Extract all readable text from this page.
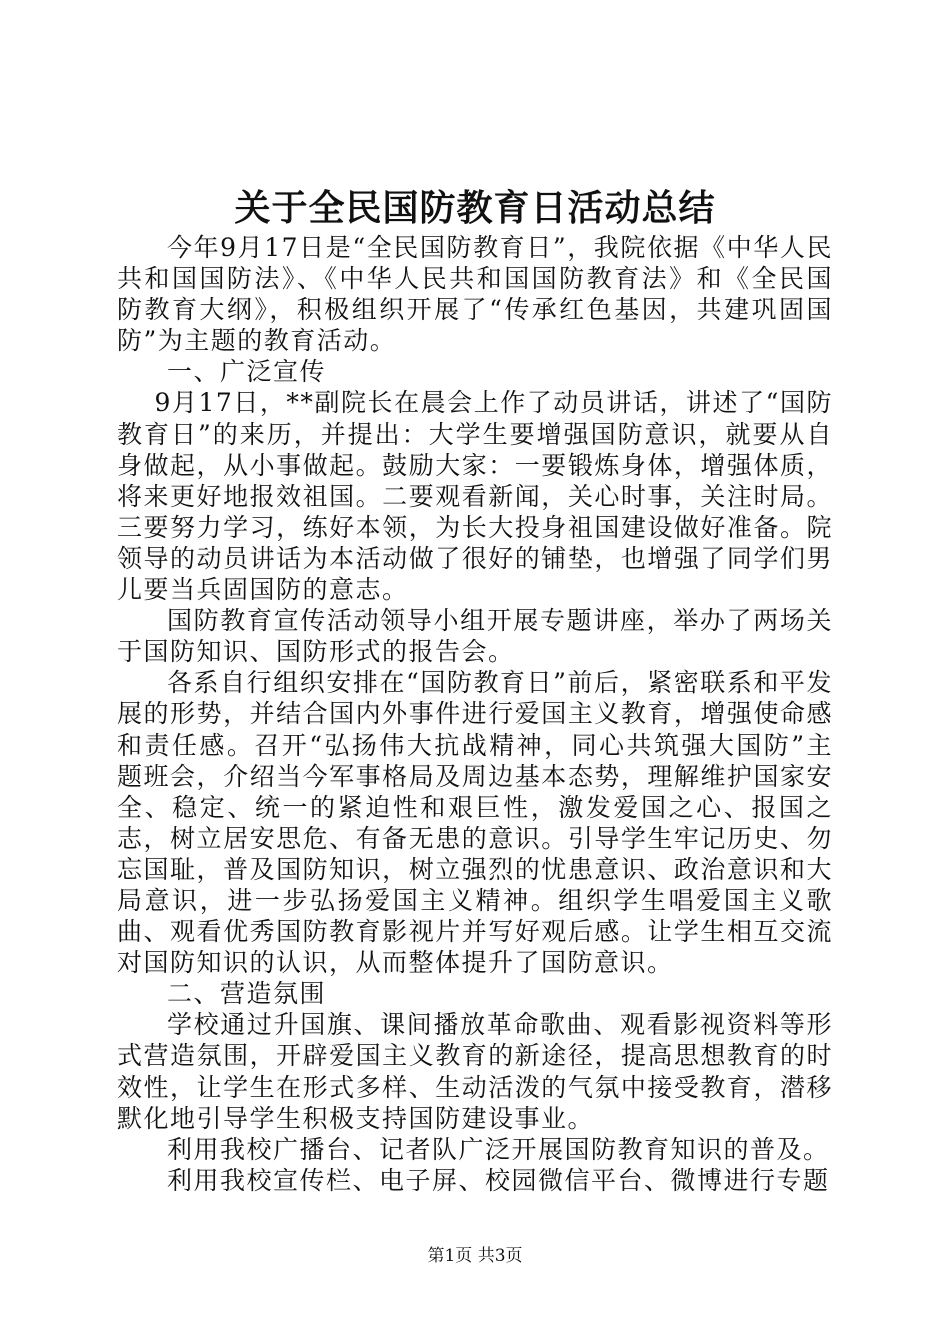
关于全民国防教育日活动总结

今年9月17日是“全民国防教育日”，我院依据《中华人民共和国国防法》、《中华人民共和国国防教育法》和《全民国防教育大纲》，积极组织开展了“传承红色基因，共建巩固国防”为主题的教育活动。

一、广泛宣传

9月17日，**副院长在晨会上作了动员讲话，讲述了“国防教育日”的来历，并提出：大学生要增强国防意识，就要从自身做起，从小事做起。鼓励大家：一要锻炼身体，增强体质，将来更好地报效祖国。二要观看新闻，关心时事，关注时局。三要努力学习，练好本领，为长大投身祖国建设做好准备。院领导的动员讲话为本活动做了很好的铺垫，也增强了同学们男儿要当兵固国防的意志。

国防教育宣传活动领导小组开展专题讲座，举办了两场关于国防知识、国防形式的报告会。

各系自行组织安排在“国防教育日”前后，紧密联系和平发展的形势，并结合国内外事件进行爱国主义教育，增强使命感和责任感。召开“弘扬伟大抗战精神，同心共筑强大国防”主题班会，介绍当今军事格局及周边基本态势，理解维护国家安全、稳定、统一的紧迫性和艰巨性，激发爱国之心、报国之志，树立居安思危、有备无患的意识。引导学生牢记历史、勿忘国耻，普及国防知识，树立强烈的忧患意识、政治意识和大局意识，进一步弘扬爱国主义精神。组织学生唱爱国主义歌曲、观看优秀国防教育影视片并写好观后感。让学生相互交流对国防知识的认识，从而整体提升了国防意识。

二、营造氛围

学校通过升国旗、课间播放革命歌曲、观看影视资料等形式营造氛围，开辟爱国主义教育的新途径，提高思想教育的时效性，让学生在形式多样、生动活泼的气氛中接受教育，潜移默化地引导学生积极支持国防建设事业。

利用我校广播台、记者队广泛开展国防教育知识的普及。

利用我校宣传栏、电子屏、校园微信平台、微博进行专题

第1页 共3页
